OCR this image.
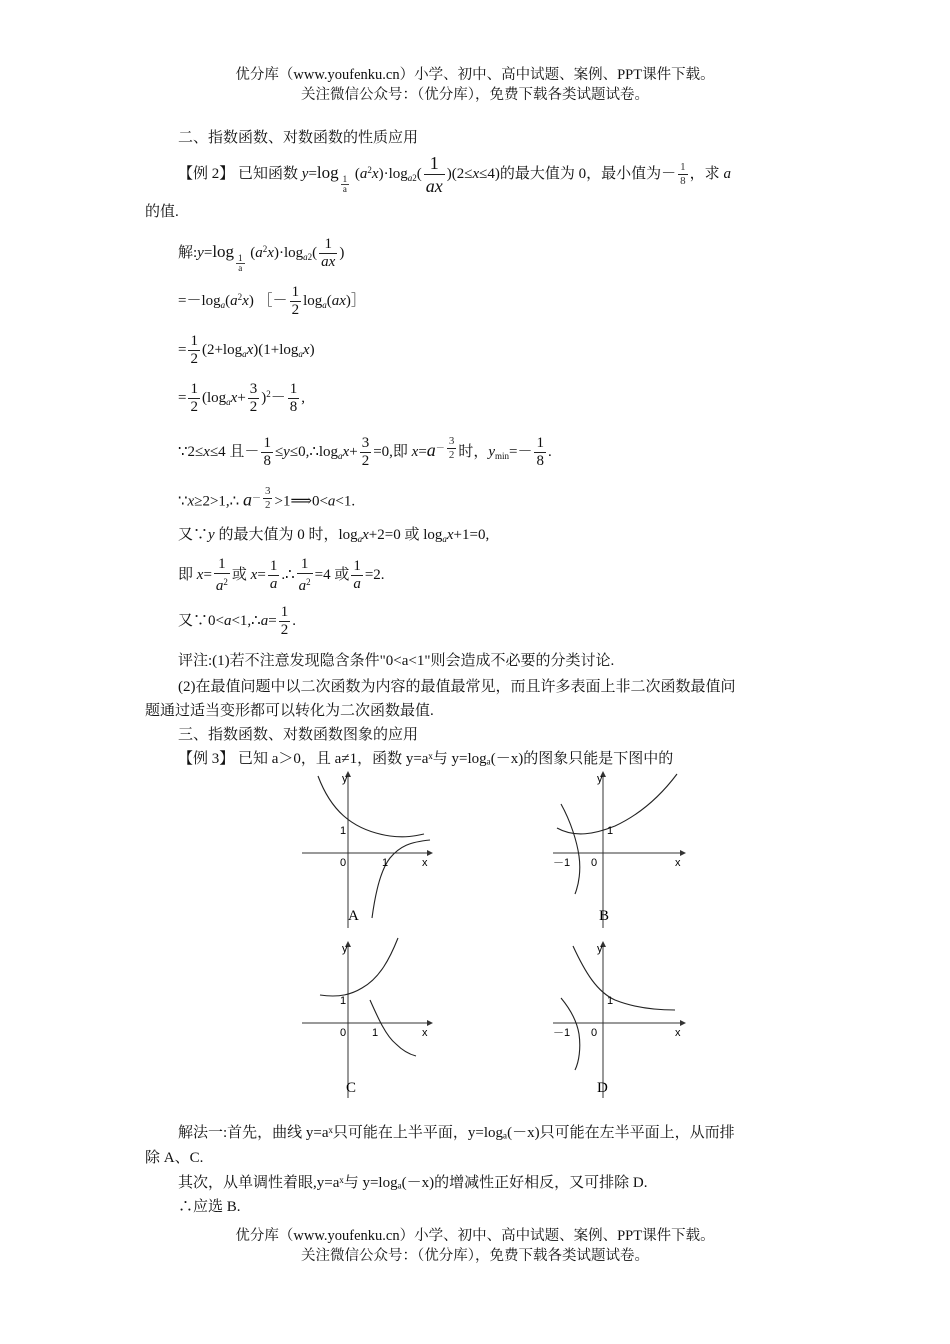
优分库（www.youfenku.cn）小学、初中、高中试题、案例、PPT课件下载。
关注微信公众号：（优分库），免费下载各类试题试卷。
二、指数函数、对数函数的性质应用
【例 2】 已知函数 y=log 1
a $(a^2x)\cdot\log_{a2}( \frac{1}{ax} )(2\le x\le 4)$的最大值为 0，最小值为－ $\frac{1}{8}$ ，求 a
的值.
解:y=log 1
a $(a^2x)\cdot\log_{a2}( \frac{1}{ax}$ )
$=-\log_a(a^2x)$ ［－ $\frac{1}{2}$ $\log_a(ax)]$
= $\frac{1}{2} (2+\log_ax)(1+\log_ax)$
= $\frac{1}{2} (\log_ax+ \frac{3}{2} )^2- \frac{1}{8}$ ,
∵2≤x≤4 且－ $\frac{1}{8}$ $\le y\le 0,\therefore\log_ax+ \frac{3}{2} =0$,即 $x=a^{- \frac{3}{2}}$ 时，$y_{min}=- \frac{1}{8}$ .
∵x≥2>1,∴ $a^{- \frac{3}{2}}$ >1⟹0<a<1.
又∵y 的最大值为 0 时，$\log_ax+2=0$ 或 $\log_ax+1=0$,
即 $x= \frac{1}{a^2}$ 或 $x= \frac{1}{a}$ .∴ $\frac{1}{a^2} =4$ 或 $\frac{1}{a} =2$.
又∵0<a<1,∴a= $\frac{1}{2}$ .
评注:(1)若不注意发现隐含条件"0<a<1"则会造成不必要的分类讨论.
(2)在最值问题中以二次函数为内容的最值最常见，而且许多表面上非二次函数最值问
题通过适当变形都可以转化为二次函数最值.
三、指数函数、对数函数图象的应用
【例 3】 已知 a＞0，且 a≠1，函数 y=aˣ与 y=logₐ(－x)的图象只能是下图中的
y
x
0
1
1
A
y
x
0
1
－1
B
y
x
0
1
1
C
y
x
0
1
－1
D
解法一:首先，曲线 y=aˣ只可能在上半平面，y=logₐ(－x)只可能在左半平面上，从而排
除 A、C.
其次，从单调性着眼,y=aˣ与 y=logₐ(－x)的增减性正好相反，又可排除 D.
∴应选 B.
优分库（www.youfenku.cn）小学、初中、高中试题、案例、PPT课件下载。
关注微信公众号：（优分库），免费下载各类试题试卷。
